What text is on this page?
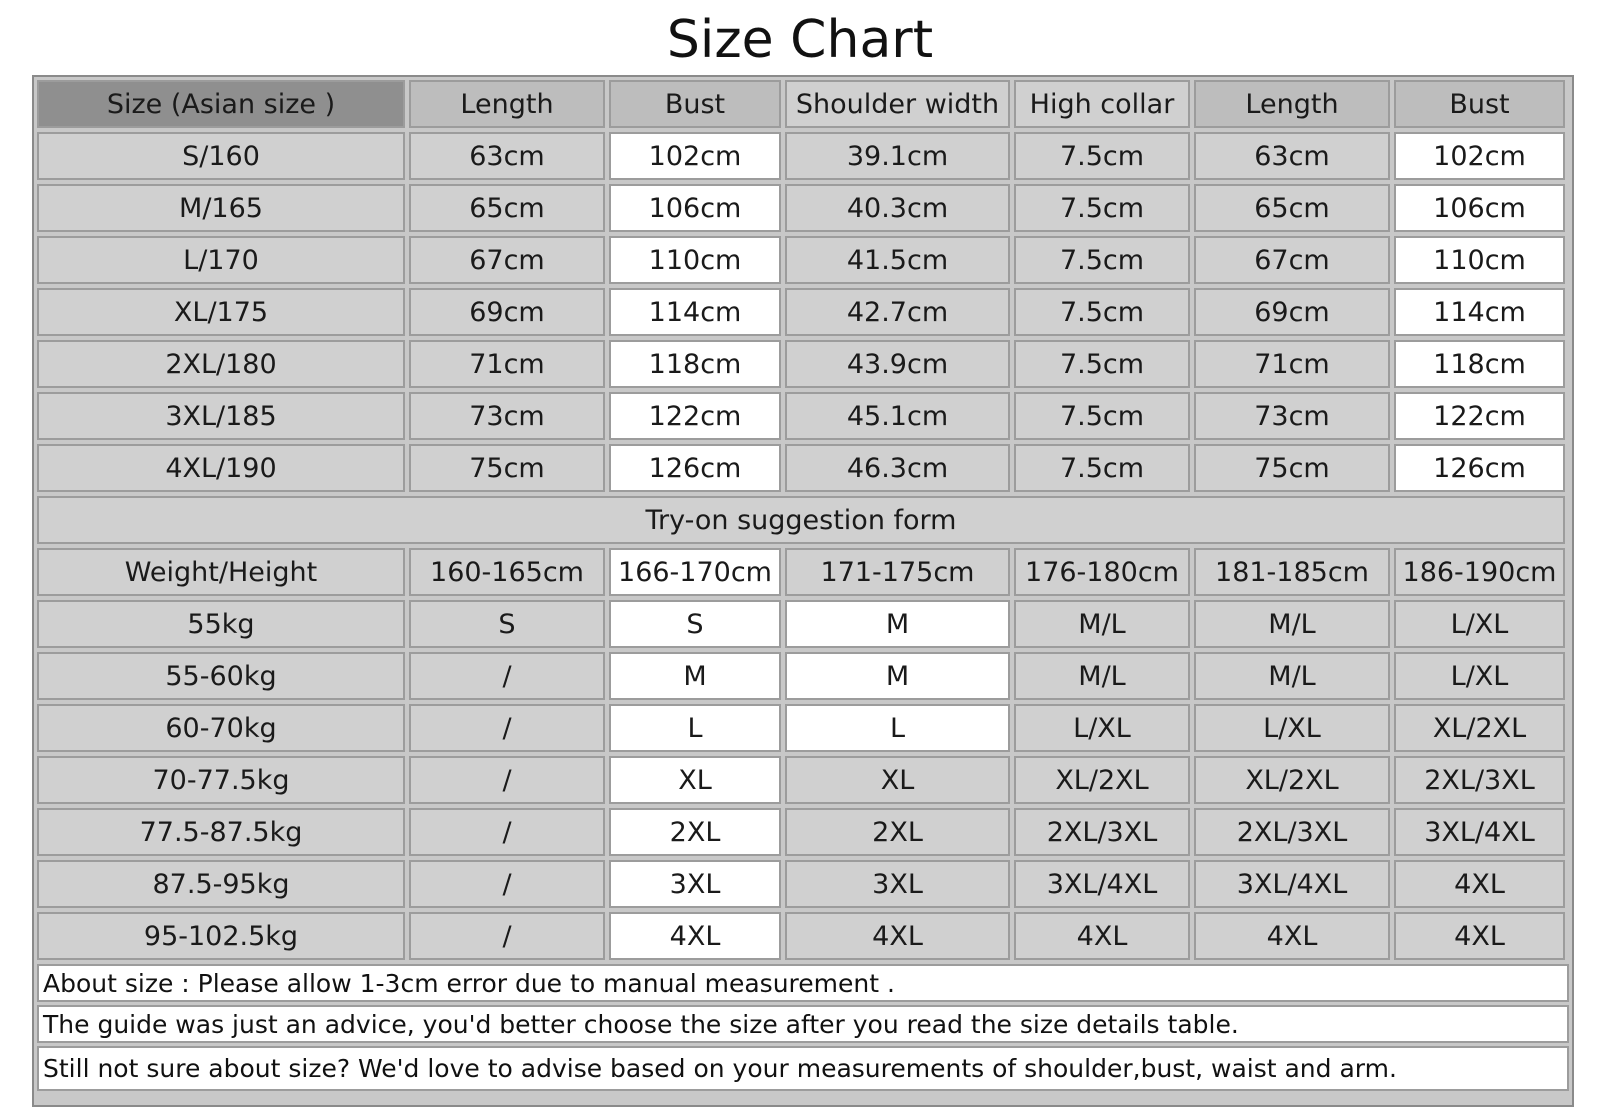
Size Chart
Size (Asian size )	Length	Bust	Shoulder width	High collar	Length	Bust
S/160	63cm	102cm	39.1cm	7.5cm	63cm	102cm
M/165	65cm	106cm	40.3cm	7.5cm	65cm	106cm
L/170	67cm	110cm	41.5cm	7.5cm	67cm	110cm
XL/175	69cm	114cm	42.7cm	7.5cm	69cm	114cm
2XL/180	71cm	118cm	43.9cm	7.5cm	71cm	118cm
3XL/185	73cm	122cm	45.1cm	7.5cm	73cm	122cm
4XL/190	75cm	126cm	46.3cm	7.5cm	75cm	126cm
Try-on suggestion form
Weight/Height	160-165cm	166-170cm	171-175cm	176-180cm	181-185cm	186-190cm
55kg	S	S	M	M/L	M/L	L/XL
55-60kg	/	M	M	M/L	M/L	L/XL
60-70kg	/	L	L	L/XL	L/XL	XL/2XL
70-77.5kg	/	XL	XL	XL/2XL	XL/2XL	2XL/3XL
77.5-87.5kg	/	2XL	2XL	2XL/3XL	2XL/3XL	3XL/4XL
87.5-95kg	/	3XL	3XL	3XL/4XL	3XL/4XL	4XL
95-102.5kg	/	4XL	4XL	4XL	4XL	4XL
About size : Please allow 1-3cm error due to manual measurement .
The guide was just an advice, you'd better choose the size after you read the size details table.
Still not sure about size? We'd love to advise based on your measurements of shoulder,bust, waist and arm.
